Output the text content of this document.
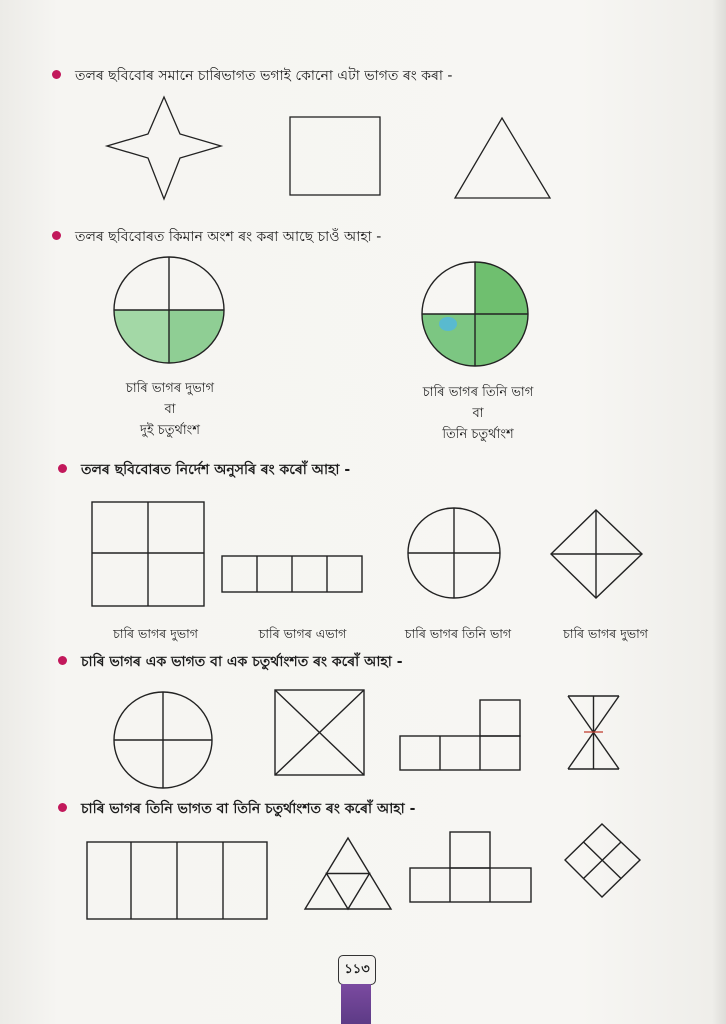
তলৰ ছবিবোৰ সমানে চাৰিভাগত ভগাই কোনো এটা ভাগত ৰং কৰা -
তলৰ ছবিবোৰত কিমান অংশ ৰং কৰা আছে চাওঁ আহা -
চাৰি ভাগৰ দুভাগ
বা
দুই চতুর্থাংশ
চাৰি ভাগৰ তিনি ভাগ
বা
তিনি চতুর্থাংশ
তলৰ ছবিবোৰত নির্দেশ অনুসৰি ৰং কৰোঁ আহা -
চাৰি ভাগৰ দুভাগ	চাৰি ভাগৰ এভাগ	চাৰি ভাগৰ তিনি ভাগ	চাৰি ভাগৰ দুভাগ
চাৰি ভাগৰ এক ভাগত বা এক চতুর্থাংশত ৰং কৰোঁ আহা -
চাৰি ভাগৰ তিনি ভাগত বা তিনি চতুর্থাংশত ৰং কৰোঁ আহা -
১১৩
